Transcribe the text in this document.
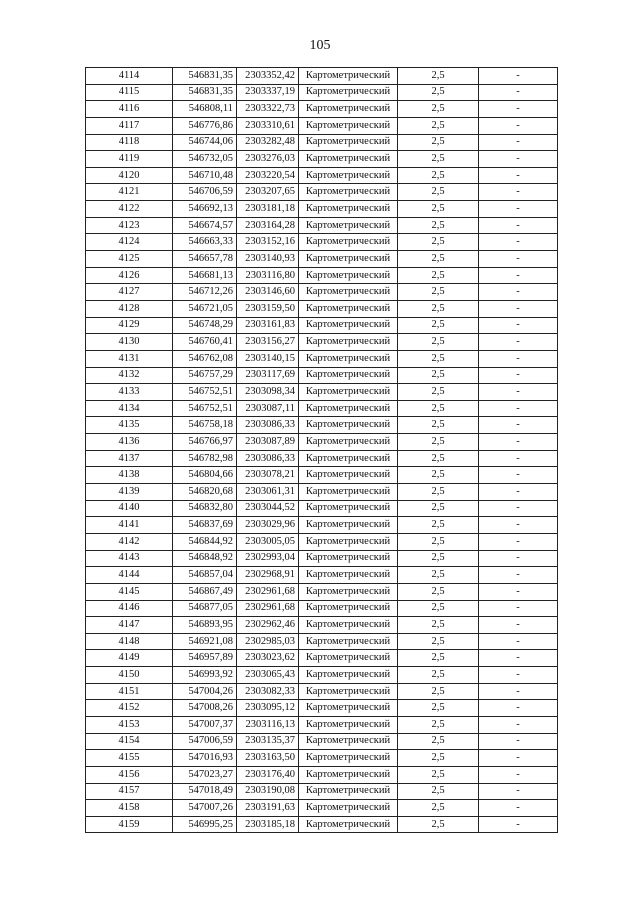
105
4114	546831,35	2303352,42	Картометрический	2,5	-
4115	546831,35	2303337,19	Картометрический	2,5	-
4116	546808,11	2303322,73	Картометрический	2,5	-
4117	546776,86	2303310,61	Картометрический	2,5	-
4118	546744,06	2303282,48	Картометрический	2,5	-
4119	546732,05	2303276,03	Картометрический	2,5	-
4120	546710,48	2303220,54	Картометрический	2,5	-
4121	546706,59	2303207,65	Картометрический	2,5	-
4122	546692,13	2303181,18	Картометрический	2,5	-
4123	546674,57	2303164,28	Картометрический	2,5	-
4124	546663,33	2303152,16	Картометрический	2,5	-
4125	546657,78	2303140,93	Картометрический	2,5	-
4126	546681,13	2303116,80	Картометрический	2,5	-
4127	546712,26	2303146,60	Картометрический	2,5	-
4128	546721,05	2303159,50	Картометрический	2,5	-
4129	546748,29	2303161,83	Картометрический	2,5	-
4130	546760,41	2303156,27	Картометрический	2,5	-
4131	546762,08	2303140,15	Картометрический	2,5	-
4132	546757,29	2303117,69	Картометрический	2,5	-
4133	546752,51	2303098,34	Картометрический	2,5	-
4134	546752,51	2303087,11	Картометрический	2,5	-
4135	546758,18	2303086,33	Картометрический	2,5	-
4136	546766,97	2303087,89	Картометрический	2,5	-
4137	546782,98	2303086,33	Картометрический	2,5	-
4138	546804,66	2303078,21	Картометрический	2,5	-
4139	546820,68	2303061,31	Картометрический	2,5	-
4140	546832,80	2303044,52	Картометрический	2,5	-
4141	546837,69	2303029,96	Картометрический	2,5	-
4142	546844,92	2303005,05	Картометрический	2,5	-
4143	546848,92	2302993,04	Картометрический	2,5	-
4144	546857,04	2302968,91	Картометрический	2,5	-
4145	546867,49	2302961,68	Картометрический	2,5	-
4146	546877,05	2302961,68	Картометрический	2,5	-
4147	546893,95	2302962,46	Картометрический	2,5	-
4148	546921,08	2302985,03	Картометрический	2,5	-
4149	546957,89	2303023,62	Картометрический	2,5	-
4150	546993,92	2303065,43	Картометрический	2,5	-
4151	547004,26	2303082,33	Картометрический	2,5	-
4152	547008,26	2303095,12	Картометрический	2,5	-
4153	547007,37	2303116,13	Картометрический	2,5	-
4154	547006,59	2303135,37	Картометрический	2,5	-
4155	547016,93	2303163,50	Картометрический	2,5	-
4156	547023,27	2303176,40	Картометрический	2,5	-
4157	547018,49	2303190,08	Картометрический	2,5	-
4158	547007,26	2303191,63	Картометрический	2,5	-
4159	546995,25	2303185,18	Картометрический	2,5	-
